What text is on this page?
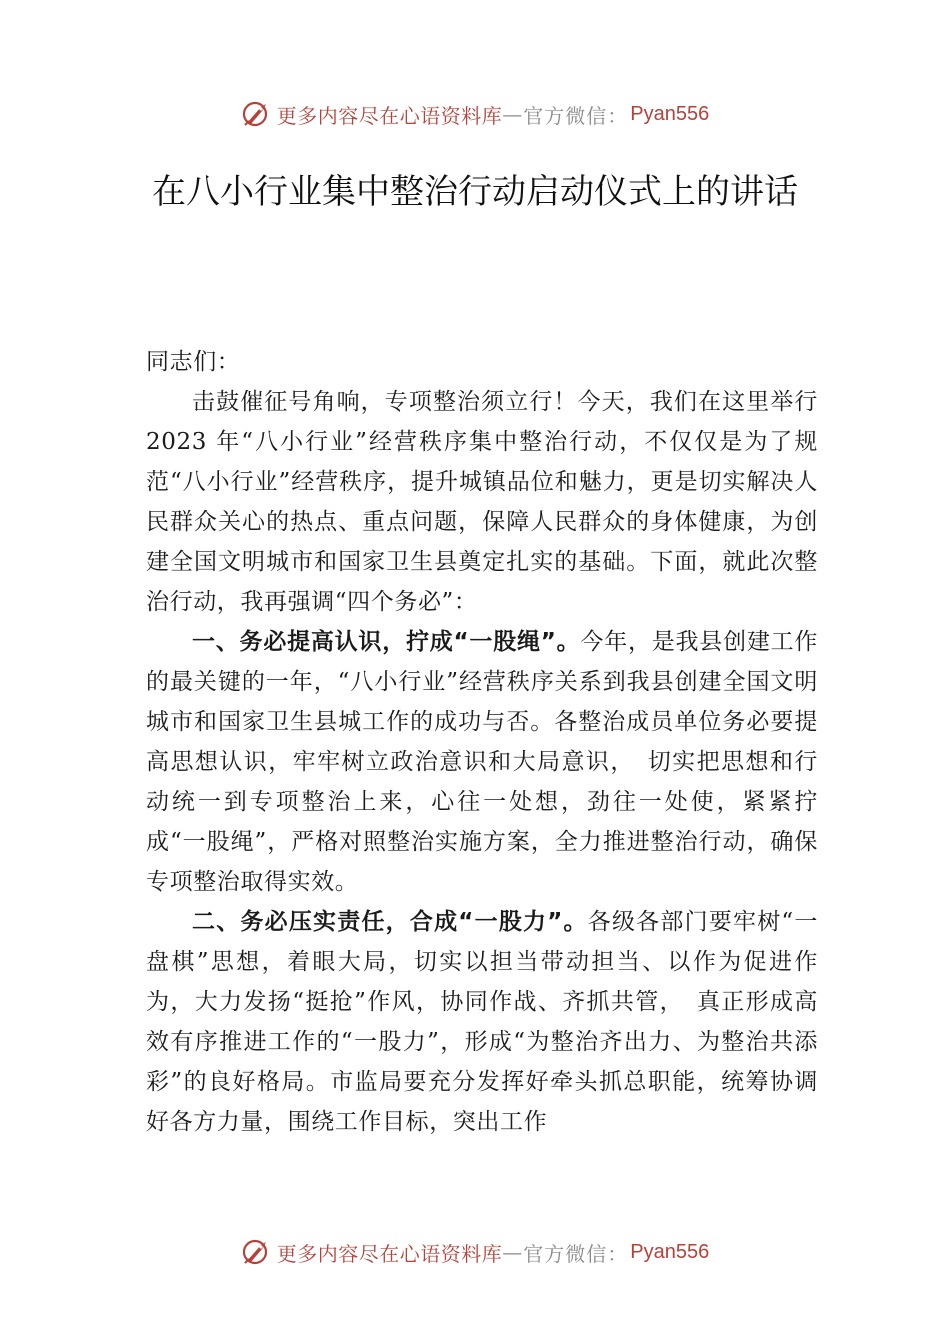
更多内容尽在心语资料库 — 官方微信： Pyan556
在八小行业集中整治行动启动仪式上的讲话

同志们：

击鼓催征号角响，专项整治须立行！今天，我们在这里举行 2023 年“八小行业”经营秩序集中整治行动，不仅仅是为了规范“八小行业”经营秩序，提升城镇品位和魅力，更是切实解决人民群众关心的热点、重点问题，保障人民群众的身体健康，为创建全国文明城市和国家卫生县奠定扎实的基础。下面，就此次整治行动，我再强调“四个务必”：

一、务必提高认识，拧成“一股绳”。今年，是我县创建工作的最关键的一年，“八小行业”经营秩序关系到我县创建全国文明城市和国家卫生县城工作的成功与否。各整治成员单位务必要提高思想认识，牢牢树立政治意识和大局意识，　切实把思想和行动统一到专项整治上来，心往一处想，劲往一处使，紧紧拧成“一股绳”，严格对照整治实施方案，全力推进整治行动，确保专项整治取得实效。

二、务必压实责任，合成“一股力”。各级各部门要牢树“一盘棋”思想，着眼大局，切实以担当带动担当、以作为促进作为，大力发扬“挺抢”作风，协同作战、齐抓共管，　真正形成高效有序推进工作的“一股力”，形成“为整治齐出力、为整治共添彩”的良好格局。市监局要充分发挥好牵头抓总职能，统筹协调好各方力量，围绕工作目标，突出工作

更多内容尽在心语资料库 — 官方微信： Pyan556
